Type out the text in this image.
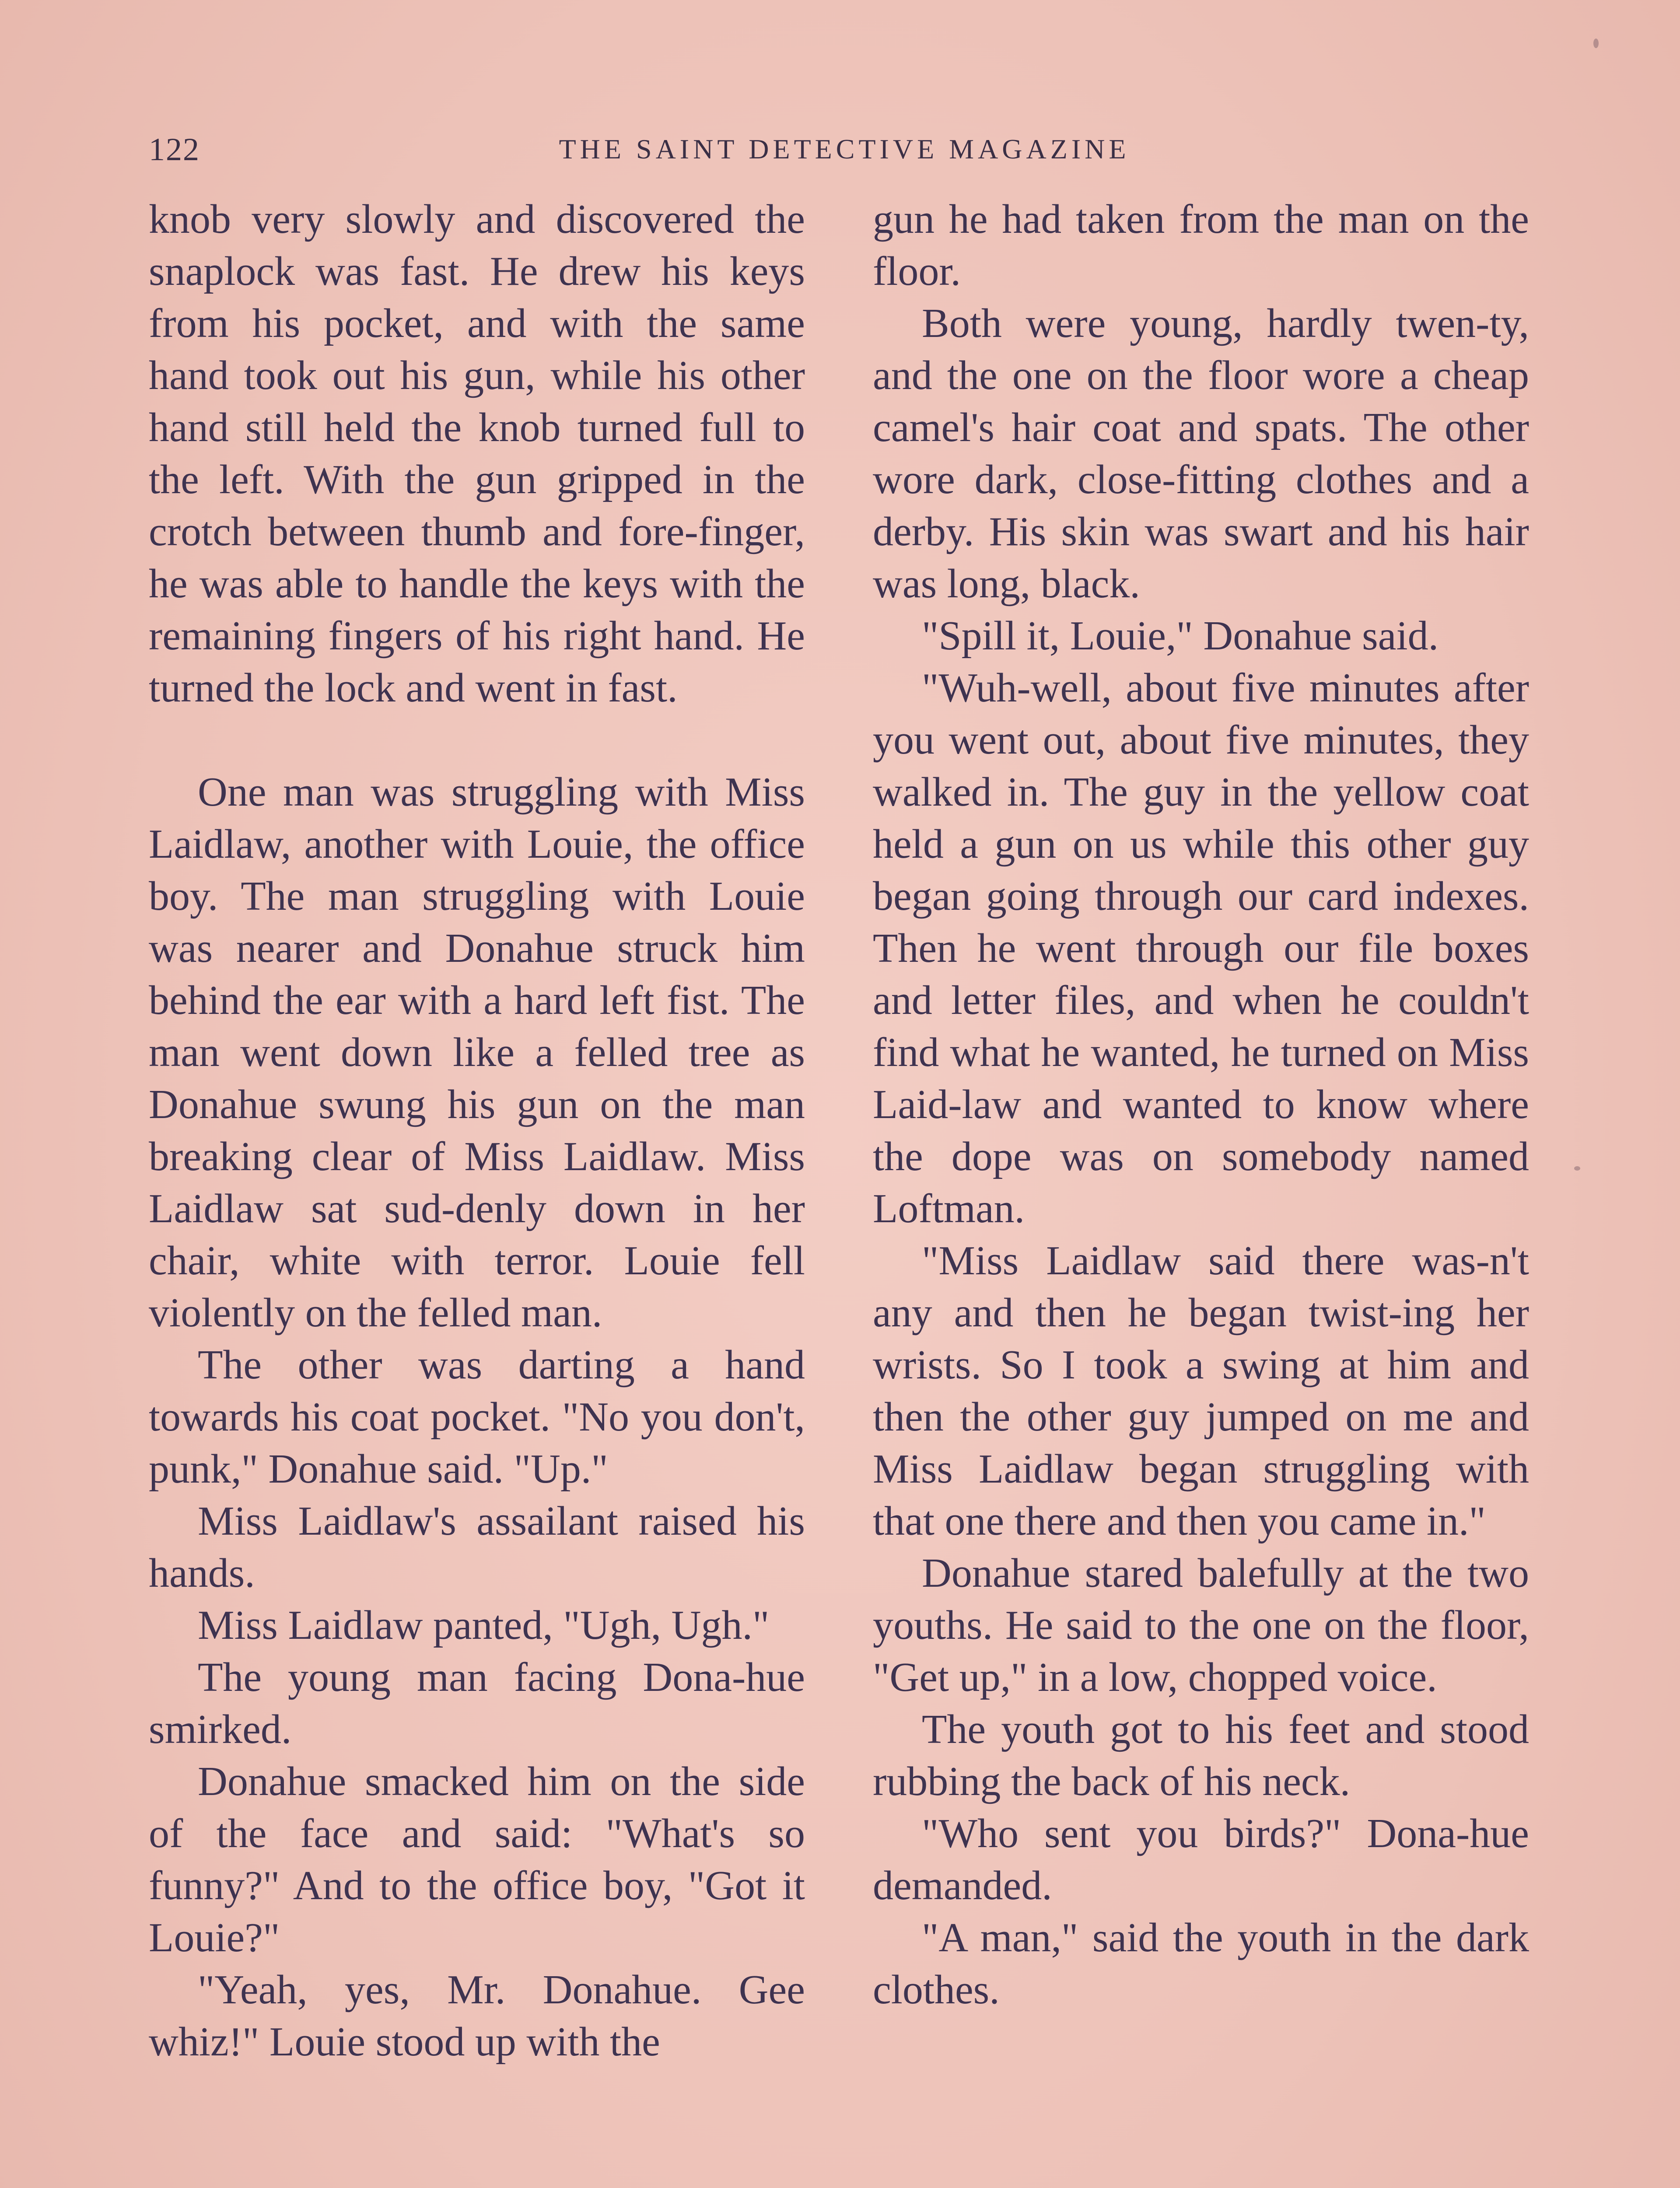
122	THE SAINT DETECTIVE MAGAZINE

knob very slowly and discovered the snaplock was fast. He drew his keys from his pocket, and with the same hand took out his gun, while his other hand still held the knob turned full to the left. With the gun gripped in the crotch between thumb and fore-finger, he was able to handle the keys with the remaining fingers of his right hand. He turned the lock and went in fast.

One man was struggling with Miss Laidlaw, another with Louie, the office boy. The man struggling with Louie was nearer and Donahue struck him behind the ear with a hard left fist. The man went down like a felled tree as Donahue swung his gun on the man breaking clear of Miss Laidlaw. Miss Laidlaw sat sud-denly down in her chair, white with terror. Louie fell violently on the felled man.

The other was darting a hand towards his coat pocket. "No you don't, punk," Donahue said. "Up."

Miss Laidlaw's assailant raised his hands.

Miss Laidlaw panted, "Ugh, Ugh."

The young man facing Dona-hue smirked.

Donahue smacked him on the side of the face and said: "What's so funny?" And to the office boy, "Got it Louie?"

"Yeah, yes, Mr. Donahue. Gee whiz!" Louie stood up with the

gun he had taken from the man on the floor.

Both were young, hardly twen-ty, and the one on the floor wore a cheap camel's hair coat and spats. The other wore dark, close-fitting clothes and a derby. His skin was swart and his hair was long, black.

"Spill it, Louie," Donahue said.

"Wuh-well, about five minutes after you went out, about five minutes, they walked in. The guy in the yellow coat held a gun on us while this other guy began going through our card indexes. Then he went through our file boxes and letter files, and when he couldn't find what he wanted, he turned on Miss Laid-law and wanted to know where the dope was on somebody named Loftman.

"Miss Laidlaw said there was-n't any and then he began twist-ing her wrists. So I took a swing at him and then the other guy jumped on me and Miss Laidlaw began struggling with that one there and then you came in."

Donahue stared balefully at the two youths. He said to the one on the floor, "Get up," in a low, chopped voice.

The youth got to his feet and stood rubbing the back of his neck.

"Who sent you birds?" Dona-hue demanded.

"A man," said the youth in the dark clothes.
